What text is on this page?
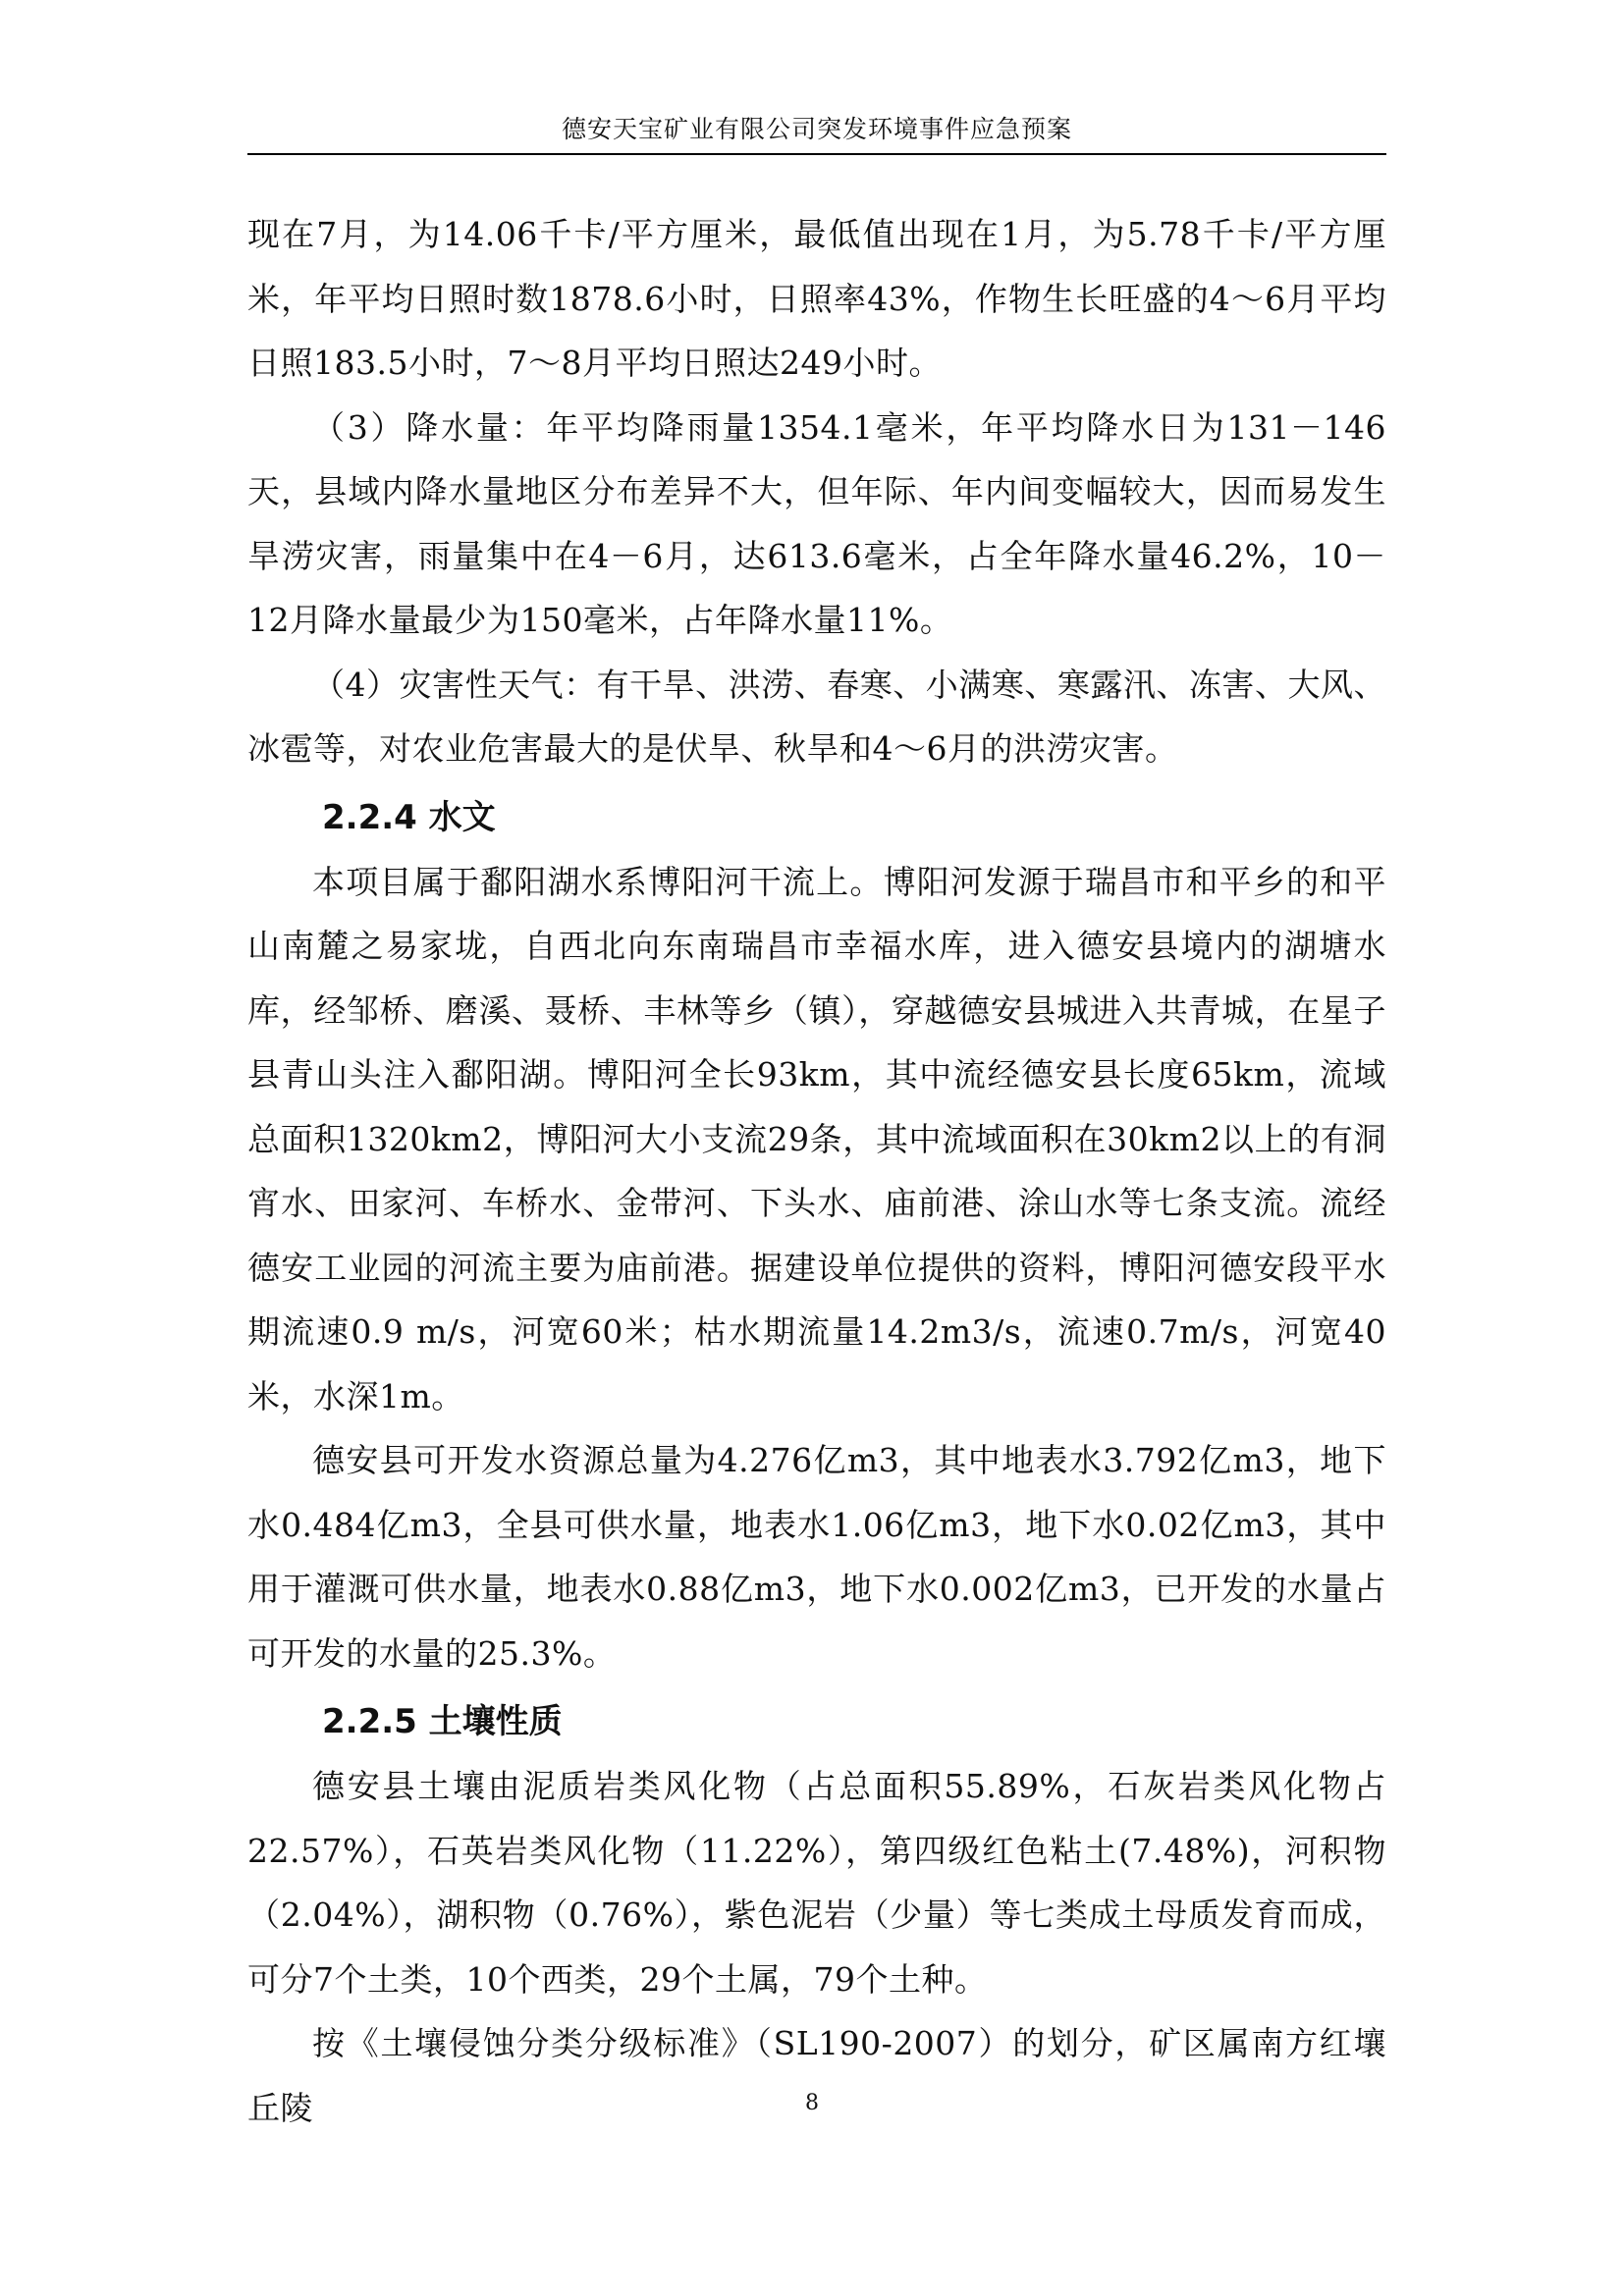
德安天宝矿业有限公司突发环境事件应急预案

现在7月，为14.06千卡/平方厘米，最低值出现在1月，为5.78千卡/平方厘米，年平均日照时数1878.6小时，日照率43%，作物生长旺盛的4～6月平均日照183.5小时，7～8月平均日照达249小时。

（3）降水量：年平均降雨量1354.1毫米，年平均降水日为131－146天，县域内降水量地区分布差异不大，但年际、年内间变幅较大，因而易发生旱涝灾害，雨量集中在4－6月，达613.6毫米，占全年降水量46.2%，10－12月降水量最少为150毫米，占年降水量11%。

（4）灾害性天气：有干旱、洪涝、春寒、小满寒、寒露汛、冻害、大风、冰雹等，对农业危害最大的是伏旱、秋旱和4～6月的洪涝灾害。

2.2.4 水文

本项目属于鄱阳湖水系博阳河干流上。博阳河发源于瑞昌市和平乡的和平山南麓之易家垅，自西北向东南瑞昌市幸福水库，进入德安县境内的湖塘水库，经邹桥、磨溪、聂桥、丰林等乡（镇），穿越德安县城进入共青城，在星子县青山头注入鄱阳湖。博阳河全长93km，其中流经德安县长度65km，流域总面积1320km2，博阳河大小支流29条，其中流域面积在30km2以上的有洞宵水、田家河、车桥水、金带河、下头水、庙前港、涂山水等七条支流。流经德安工业园的河流主要为庙前港。据建设单位提供的资料，博阳河德安段平水期流速0.9 m/s，河宽60米；枯水期流量14.2m3/s，流速0.7m/s，河宽40米，水深1m。

德安县可开发水资源总量为4.276亿m3，其中地表水3.792亿m3，地下水0.484亿m3，全县可供水量，地表水1.06亿m3，地下水0.02亿m3，其中用于灌溉可供水量，地表水0.88亿m3，地下水0.002亿m3，已开发的水量占可开发的水量的25.3%。

2.2.5 土壤性质

德安县土壤由泥质岩类风化物（占总面积55.89%，石灰岩类风化物占22.57%），石英岩类风化物（11.22%），第四级红色粘土(7.48%)，河积物（2.04%），湖积物（0.76%），紫色泥岩（少量）等七类成土母质发育而成，可分7个土类，10个西类，29个土属，79个土种。

按《土壤侵蚀分类分级标准》（SL190-2007）的划分，矿区属南方红壤丘陵	8
